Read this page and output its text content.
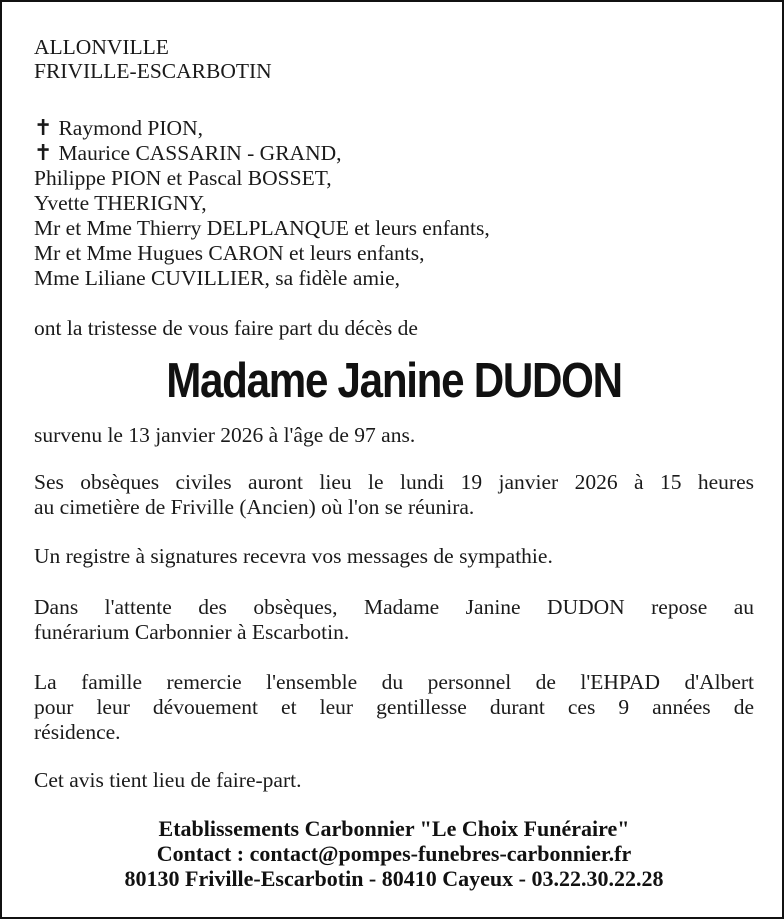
ALLONVILLE
FRIVILLE-ESCARBOTIN
✝ Raymond PION,
✝ Maurice CASSARIN - GRAND,
Philippe PION et Pascal BOSSET,
Yvette THERIGNY,
Mr et Mme Thierry DELPLANQUE et leurs enfants,
Mr et Mme Hugues CARON et leurs enfants,
Mme Liliane CUVILLIER, sa fidèle amie,
ont la tristesse de vous faire part du décès de
Madame Janine DUDON
survenu le 13 janvier 2026 à l'âge de 97 ans.
Ses obsèques civiles auront lieu le lundi 19 janvier 2026 à 15 heures
au cimetière de Friville (Ancien) où l'on se réunira.
Un registre à signatures recevra vos messages de sympathie.
Dans l'attente des obsèques, Madame Janine DUDON repose au
funérarium Carbonnier à Escarbotin.
La famille remercie l'ensemble du personnel de l'EHPAD d'Albert
pour leur dévouement et leur gentillesse durant ces 9 années de
résidence.
Cet avis tient lieu de faire-part.
Etablissements Carbonnier "Le Choix Funéraire"
Contact : contact@pompes-funebres-carbonnier.fr
80130 Friville-Escarbotin - 80410 Cayeux - 03.22.30.22.28
